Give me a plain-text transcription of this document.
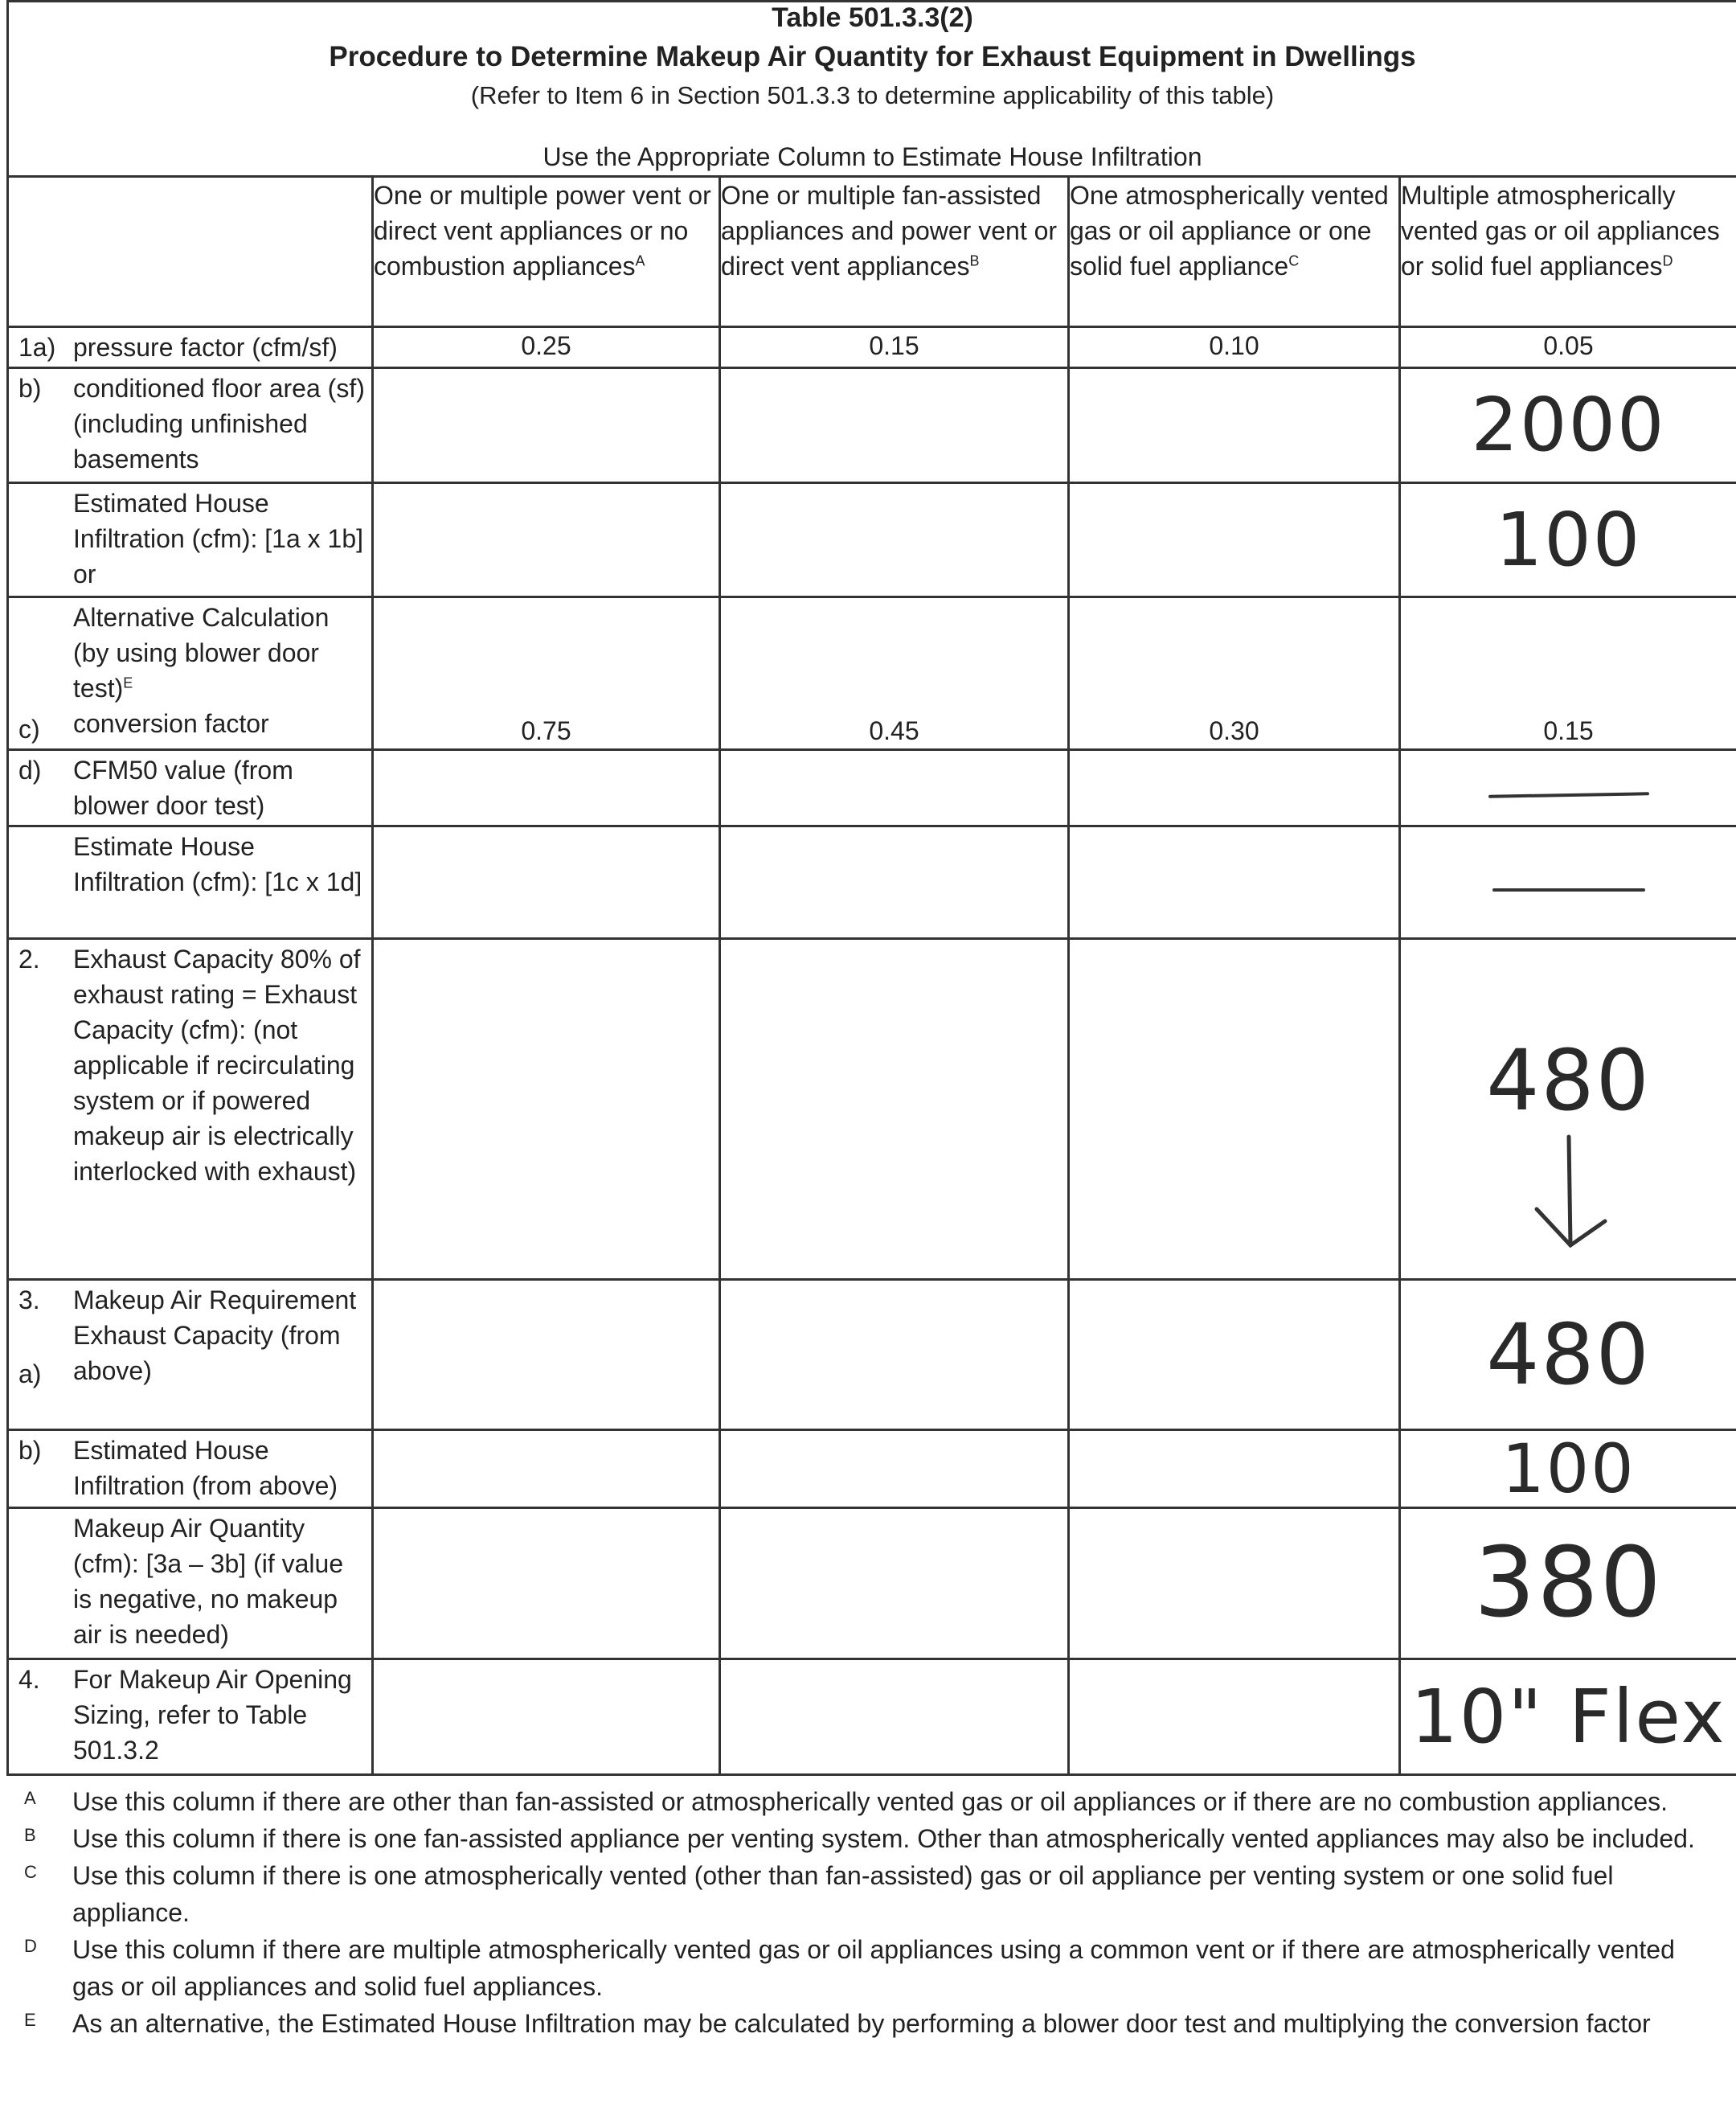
Table 501.3.3(2)
Procedure to Determine Makeup Air Quantity for Exhaust Equipment in Dwellings
(Refer to Item 6 in Section 501.3.3 to determine applicability of this table)
Use the Appropriate Column to Estimate House Infiltration
	One or multiple power vent or direct vent appliances or no combustion appliances$^A$	One or multiple fan-assisted appliances and power vent or direct vent appliances$^B$	One atmospherically vented gas or oil appliance or one solid fuel appliance$^C$	Multiple atmospherically vented gas or oil appliances or solid fuel appliances$^D$

1a) pressure factor (cfm/sf)	0.25	0.15	0.10	0.05

b) conditioned floor area (sf) (including unfinished basements				2000
Estimated House Infiltration (cfm): [1a x 1b] or				100
Alternative Calculation (by using blower door test)$^E$

c) conversion factor	0.75	0.45	0.30	0.15

d) CFM50 value (from blower door test)				
Estimate House Infiltration (cfm): [1c x 1d]				

2. Exhaust Capacity 80% of exhaust rating = Exhaust Capacity (cfm): (not applicable if recirculating system or if powered makeup air is electrically interlocked with exhaust)				480

3. Makeup Air Requirement

a)
Exhaust Capacity (from above)				480

b) Estimated House Infiltration (from above)				100
Makeup Air Quantity (cfm): [3a – 3b] (if value is negative, no makeup air is needed)				380

4. For Makeup Air Opening Sizing, refer to Table 501.3.2				10" Flex
A Use this column if there are other than fan-assisted or atmospherically vented gas or oil appliances or if there are no combustion appliances.
B Use this column if there is one fan-assisted appliance per venting system. Other than atmospherically vented appliances may also be included.
C Use this column if there is one atmospherically vented (other than fan-assisted) gas or oil appliance per venting system or one solid fuel appliance.
D Use this column if there are multiple atmospherically vented gas or oil appliances using a common vent or if there are atmospherically vented gas or oil appliances and solid fuel appliances.
E As an alternative, the Estimated House Infiltration may be calculated by performing a blower door test and multiplying the conversion factor
